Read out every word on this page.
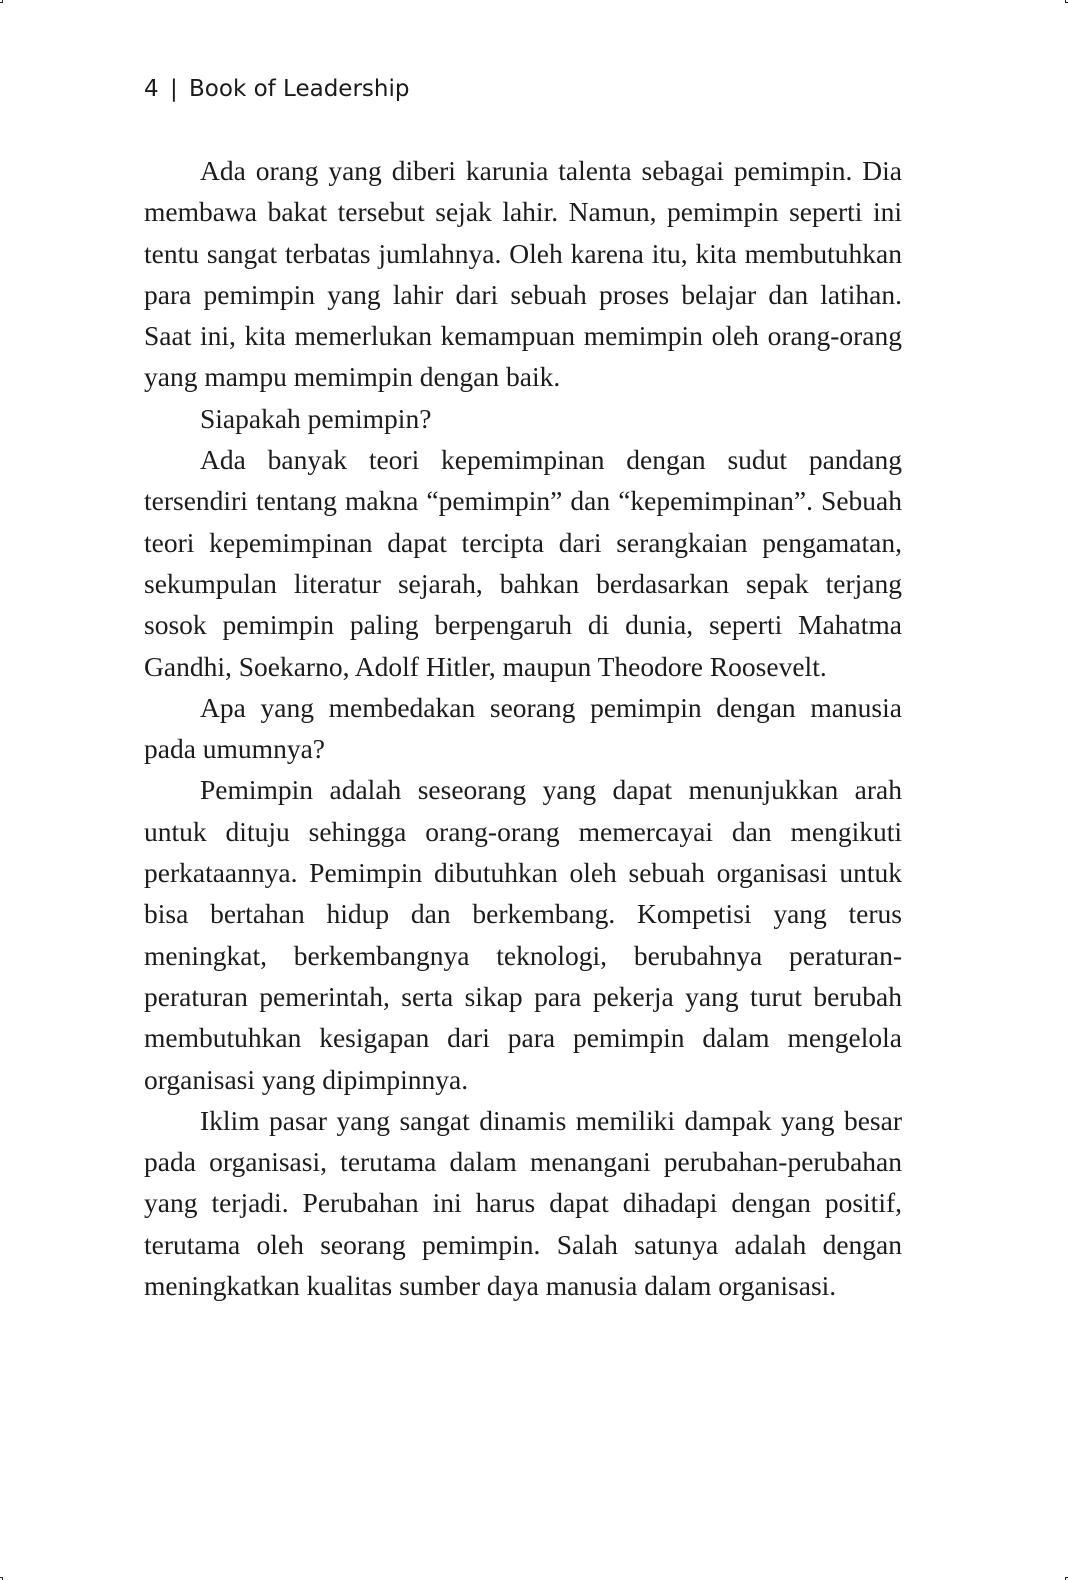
4 | Book of Leadership

Ada orang yang diberi karunia talenta sebagai pemimpin. Dia membawa bakat tersebut sejak lahir. Namun, pemimpin seperti ini tentu sangat terbatas jumlahnya. Oleh karena itu, kita membutuhkan para pemimpin yang lahir dari sebuah proses belajar dan latihan. Saat ini, kita memerlukan kemampuan memimpin oleh orang-orang yang mampu memimpin dengan baik.

Siapakah pemimpin?

Ada banyak teori kepemimpinan dengan sudut pandang tersendiri tentang makna “pemimpin” dan “kepemimpinan”. Sebuah teori kepemimpinan dapat tercipta dari serangkaian pengamatan, sekumpulan literatur sejarah, bahkan berdasarkan sepak terjang sosok pemimpin paling berpengaruh di dunia, seperti Mahatma Gandhi, Soekarno, Adolf Hitler, maupun Theodore Roosevelt.

Apa yang membedakan seorang pemimpin dengan manusia pada umumnya?

Pemimpin adalah seseorang yang dapat menunjukkan arah untuk dituju sehingga orang-orang memercayai dan mengikuti perkataannya. Pemimpin dibutuhkan oleh sebuah organisasi untuk bisa bertahan hidup dan berkembang. Kompetisi yang terus meningkat, berkembangnya teknologi, berubahnya peraturan-peraturan pemerintah, serta sikap para pekerja yang turut berubah membutuhkan kesigapan dari para pemimpin dalam mengelola organisasi yang dipimpinnya.

Iklim pasar yang sangat dinamis memiliki dampak yang besar pada organisasi, terutama dalam menangani perubahan-perubahan yang terjadi. Perubahan ini harus dapat dihadapi dengan positif, terutama oleh seorang pemimpin. Salah satunya adalah dengan meningkatkan kualitas sumber daya manusia dalam organisasi.
